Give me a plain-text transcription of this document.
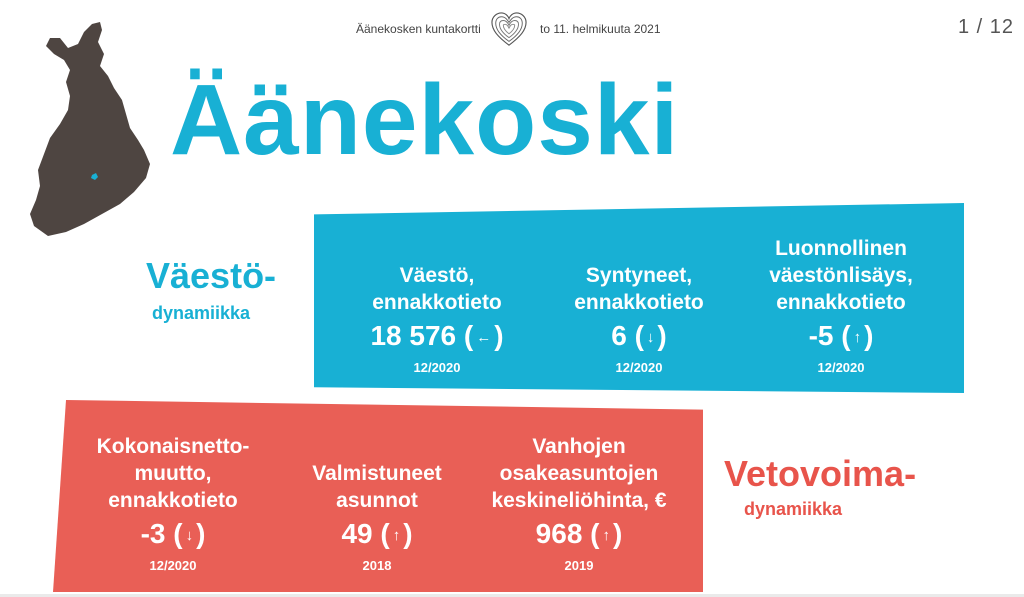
Äänekosken kuntakortti	to 11. helmikuuta 2021	1 / 12
Äänekoski
Väestö-
dynamiikka
Väestö,
ennakkotieto
18 576 ( ← )
12/2020
Syntyneet,
ennakkotieto
6 ( ↓ )
12/2020
Luonnollinen
väestönlisäys,
ennakkotieto
-5 ( ↑ )
12/2020
Kokonaisnetto-
muutto,
ennakkotieto
-3 ( ↓ )
12/2020
Valmistuneet
asunnot
49 ( ↑ )
2018
Vanhojen
osakeasuntojen
keskineliöhinta, €
968 ( ↑ )
2019
Vetovoima-
dynamiikka
